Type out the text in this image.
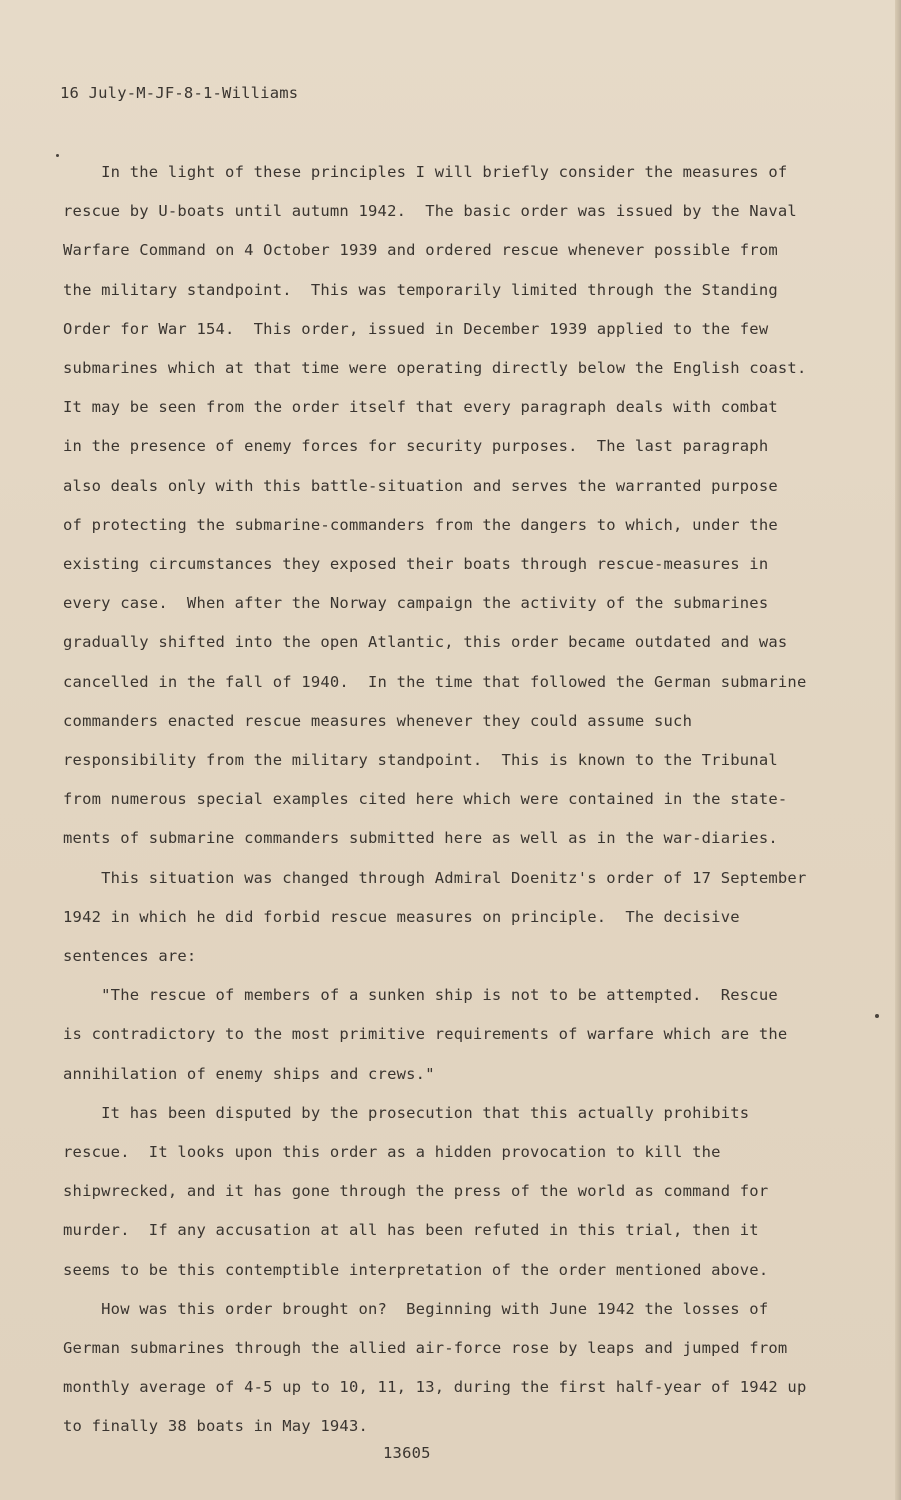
16 July-M-JF-8-1-Williams
In the light of these principles I will briefly consider the measures of
rescue by U-boats until autumn 1942.  The basic order was issued by the Naval
Warfare Command on 4 October 1939 and ordered rescue whenever possible from
the military standpoint.  This was temporarily limited through the Standing
Order for War 154.  This order, issued in December 1939 applied to the few
submarines which at that time were operating directly below the English coast.
It may be seen from the order itself that every paragraph deals with combat
in the presence of enemy forces for security purposes.  The last paragraph
also deals only with this battle-situation and serves the warranted purpose
of protecting the submarine-commanders from the dangers to which, under the
existing circumstances they exposed their boats through rescue-measures in
every case.  When after the Norway campaign the activity of the submarines
gradually shifted into the open Atlantic, this order became outdated and was
cancelled in the fall of 1940.  In the time that followed the German submarine
commanders enacted rescue measures whenever they could assume such
responsibility from the military standpoint.  This is known to the Tribunal
from numerous special examples cited here which were contained in the state-
ments of submarine commanders submitted here as well as in the war-diaries.
This situation was changed through Admiral Doenitz's order of 17 September
1942 in which he did forbid rescue measures on principle.  The decisive
sentences are:
"The rescue of members of a sunken ship is not to be attempted.  Rescue
is contradictory to the most primitive requirements of warfare which are the
annihilation of enemy ships and crews."
It has been disputed by the prosecution that this actually prohibits
rescue.  It looks upon this order as a hidden provocation to kill the
shipwrecked, and it has gone through the press of the world as command for
murder.  If any accusation at all has been refuted in this trial, then it
seems to be this contemptible interpretation of the order mentioned above.
How was this order brought on?  Beginning with June 1942 the losses of
German submarines through the allied air-force rose by leaps and jumped from
monthly average of 4-5 up to 10, 11, 13, during the first half-year of 1942 up
to finally 38 boats in May 1943.
13605
